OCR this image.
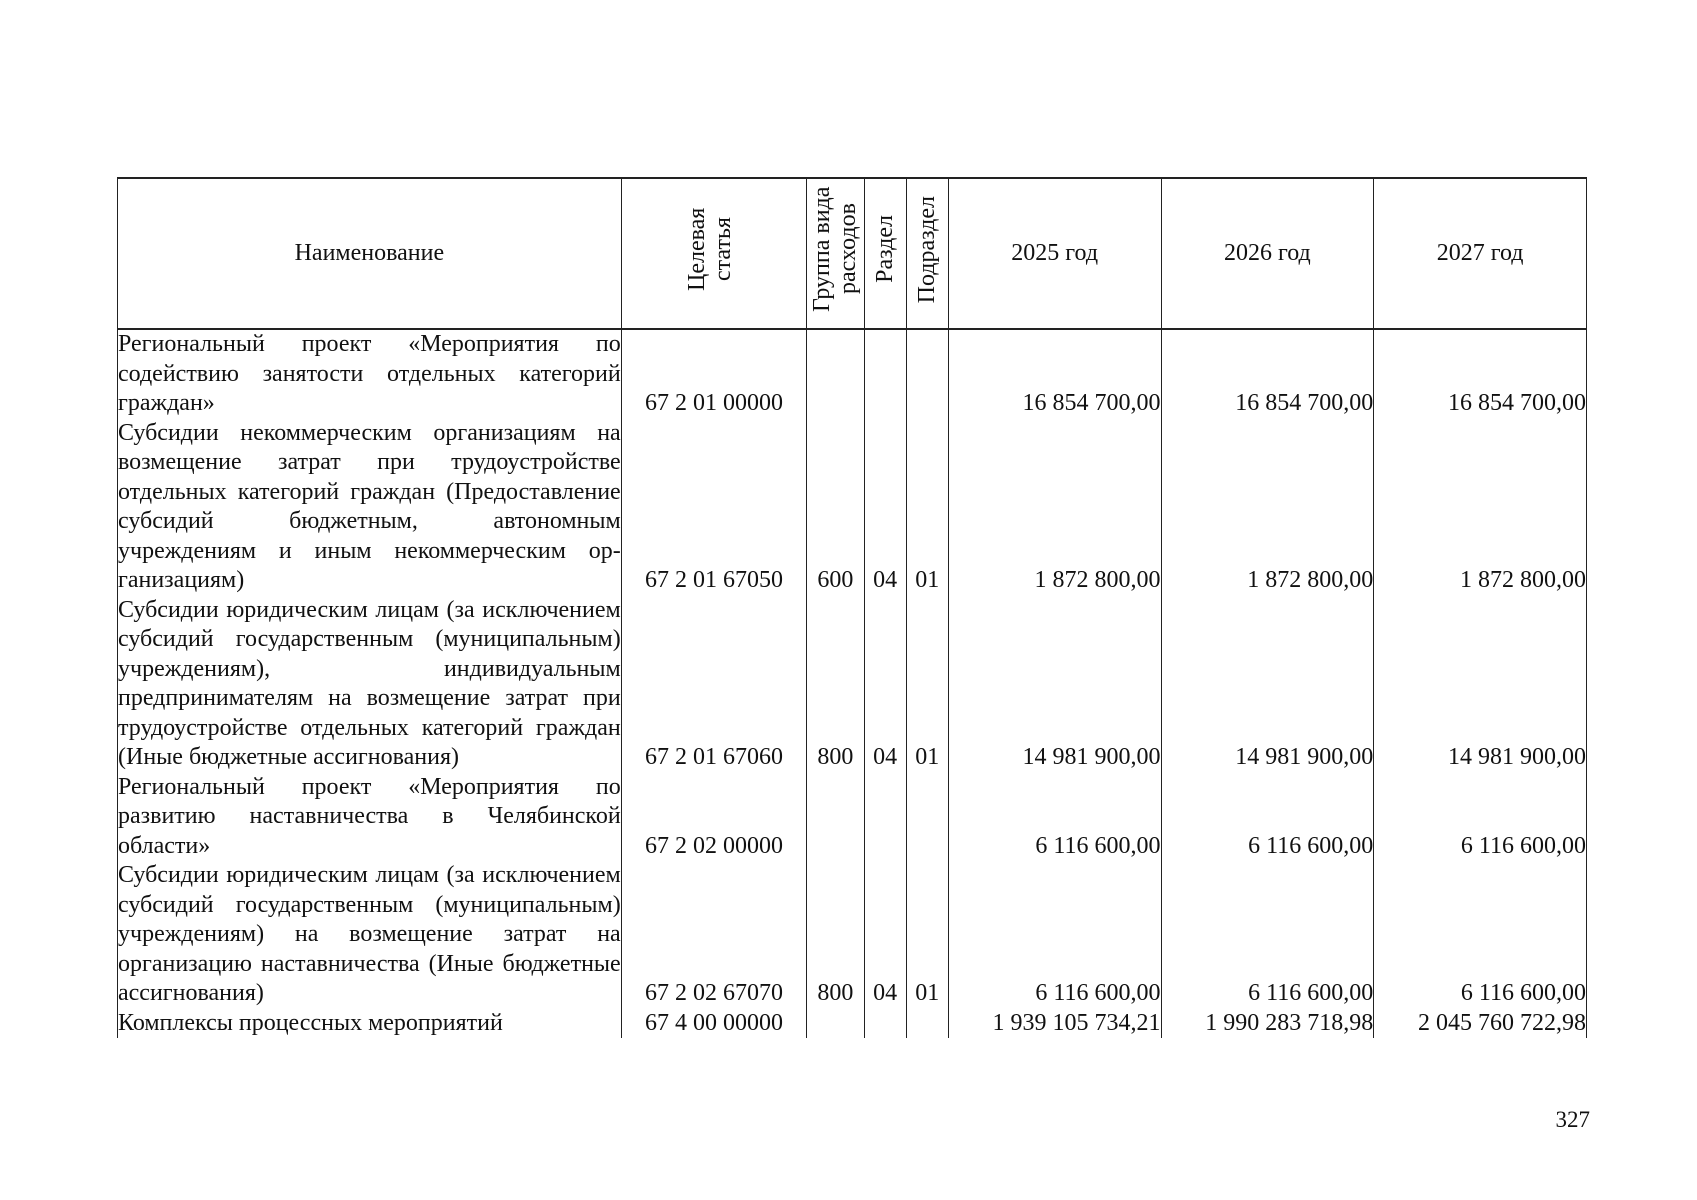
Наименование	Целевая статья	Группа вида расходов	Раздел	Подраздел	2025 год	2026 год	2027 год
Региональный проект «Мероприятия по содействию занятости отдельных категорий граждан»	67 2 01 00000				16 854 700,00	16 854 700,00	16 854 700,00
Субсидии некоммерческим организациям на возмещение затрат при трудоустройстве отдельных категорий граждан (Предоставление субсидий бюджетным, автономным учреждениям и иным некоммерческим организациям)	67 2 01 67050	600	04	01	1 872 800,00	1 872 800,00	1 872 800,00
Субсидии юридическим лицам (за исключением субсидий государственным (муниципальным) учреждениям), индивидуальным предпринимателям на возмещение затрат при трудоустройстве отдельных категорий граждан (Иные бюджетные ассигнования)	67 2 01 67060	800	04	01	14 981 900,00	14 981 900,00	14 981 900,00
Региональный проект «Мероприятия по развитию наставничества в Челябинской области»	67 2 02 00000				6 116 600,00	6 116 600,00	6 116 600,00
Субсидии юридическим лицам (за исключением субсидий государственным (муниципальным) учреждениям) на возмещение затрат на организацию наставничества (Иные бюджетные ассигнования)	67 2 02 67070	800	04	01	6 116 600,00	6 116 600,00	6 116 600,00
Комплексы процессных мероприятий	67 4 00 00000				1 939 105 734,21	1 990 283 718,98	2 045 760 722,98
327
